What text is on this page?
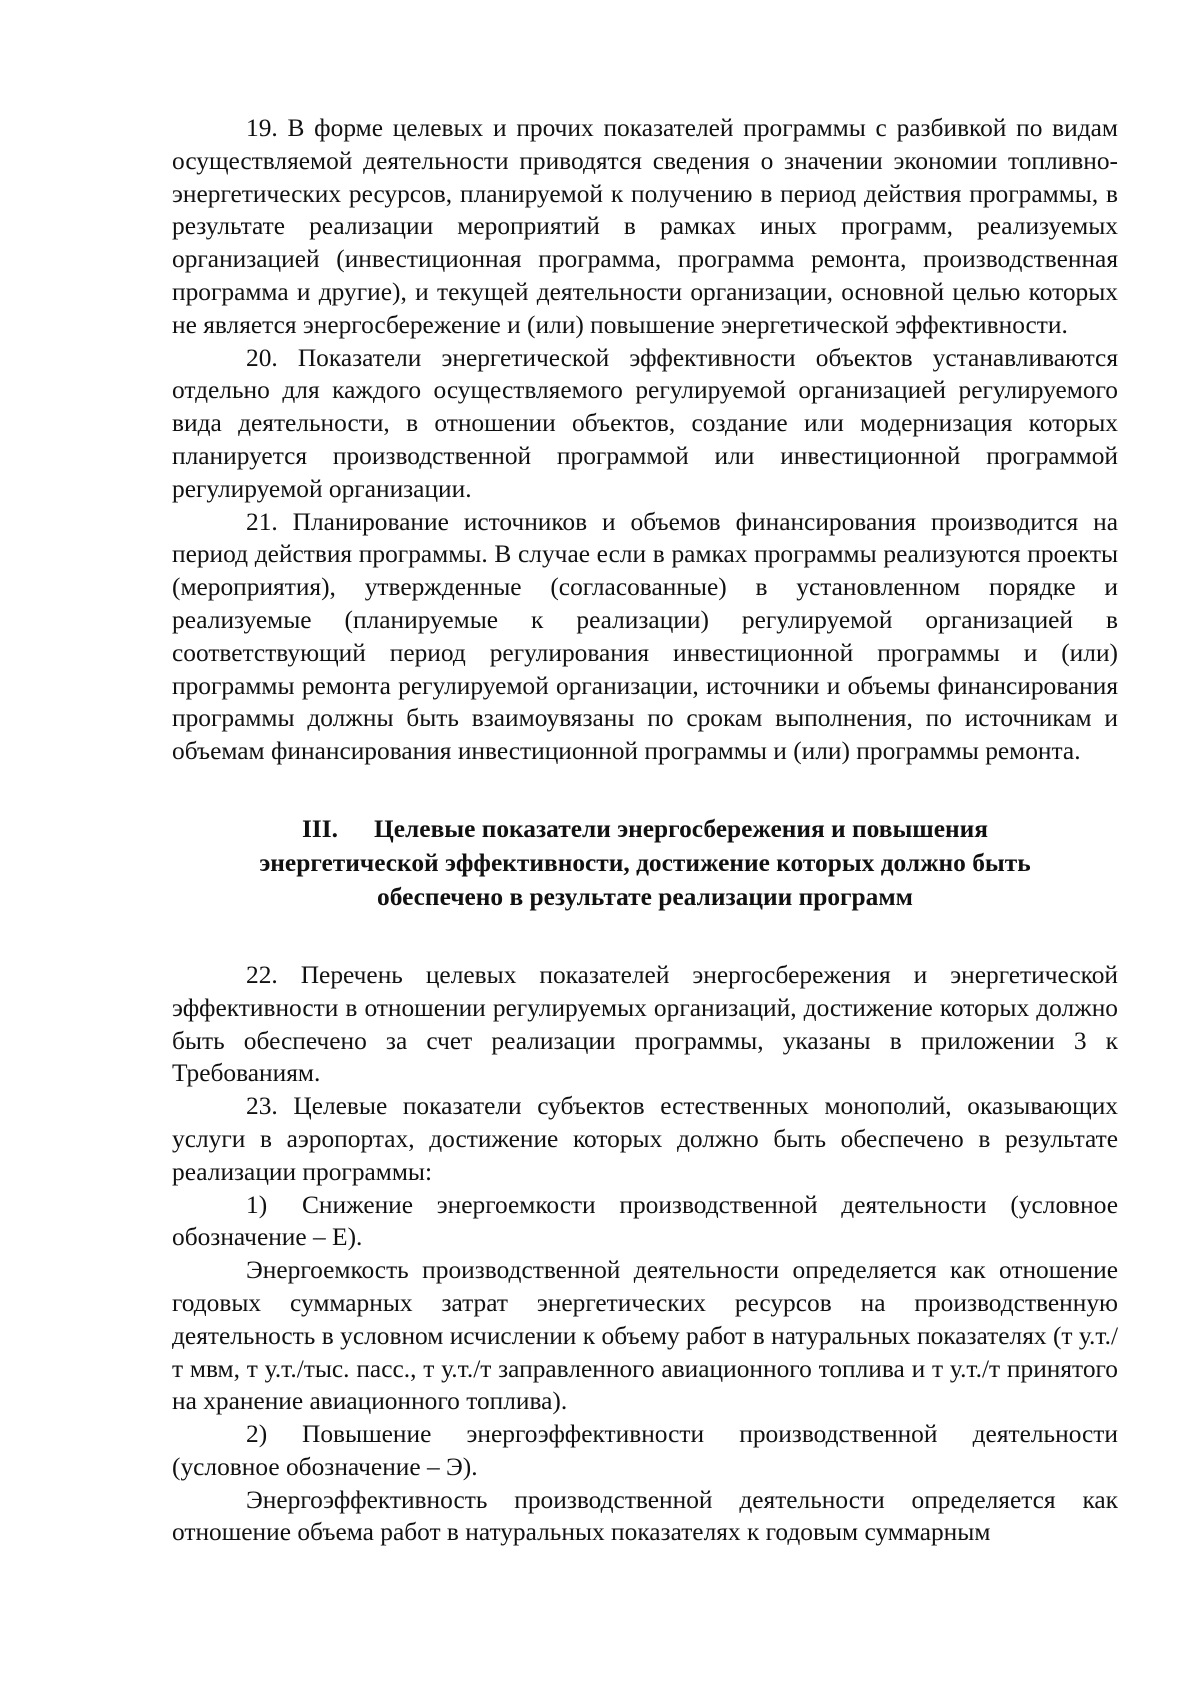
19. В форме целевых и прочих показателей программы с разбивкой по видам осуществляемой деятельности приводятся сведения о значении экономии топливно-энергетических ресурсов, планируемой к получению в период действия программы, в результате реализации мероприятий в рамках иных программ, реализуемых организацией (инвестиционная программа, программа ремонта, производственная программа и другие), и текущей деятельности организации, основной целью которых не является энергосбережение и (или) повышение энергетической эффективности.

20. Показатели энергетической эффективности объектов устанавливаются отдельно для каждого осуществляемого регулируемой организацией регулируемого вида деятельности, в отношении объектов, создание или модернизация которых планируется производственной программой или инвестиционной программой регулируемой организации.

21. Планирование источников и объемов финансирования производится на период действия программы. В случае если в рамках программы реализуются проекты (мероприятия), утвержденные (согласованные) в установленном порядке и реализуемые (планируемые к реализации) регулируемой организацией в соответствующий период регулирования инвестиционной программы и (или) программы ремонта регулируемой организации, источники и объемы финансирования программы должны быть взаимоувязаны по срокам выполнения, по источникам и объемам финансирования инвестиционной программы и (или) программы ремонта.

III. Целевые показатели энергосбережения и повышения
энергетической эффективности, достижение которых должно быть
обеспечено в результате реализации программ

22. Перечень целевых показателей энергосбережения и энергетической эффективности в отношении регулируемых организаций, достижение которых должно быть обеспечено за счет реализации программы, указаны в приложении 3 к Требованиям.

23. Целевые показатели субъектов естественных монополий, оказывающих услуги в аэропортах, достижение которых должно быть обеспечено в результате реализации программы:

1) Снижение энергоемкости производственной деятельности (условное обозначение – Е).

Энергоемкость производственной деятельности определяется как отношение годовых суммарных затрат энергетических ресурсов на производственную деятельность в условном исчислении к объему работ в натуральных показателях (т у.т./т мвм, т у.т./тыс. пасс., т у.т./т заправленного авиационного топлива и т у.т./т принятого на хранение авиационного топлива).

2) Повышение энергоэффективности производственной деятельности (условное обозначение – Э).

Энергоэффективность производственной деятельности определяется как отношение объема работ в натуральных показателях к годовым суммарным
